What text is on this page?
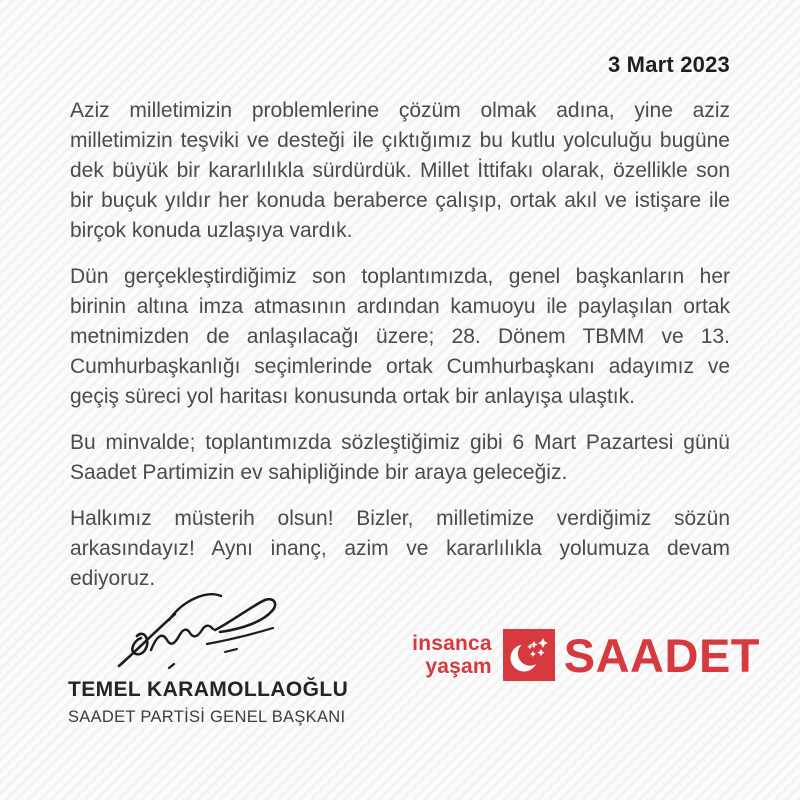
3 Mart 2023

Aziz milletimizin problemlerine çözüm olmak adına, yine aziz milletimizin teşviki ve desteği ile çıktığımız bu kutlu yolculuğu bugüne dek büyük bir kararlılıkla sürdürdük. Millet İttifakı olarak, özellikle son bir buçuk yıldır her konuda beraberce çalışıp, ortak akıl ve istişare ile birçok konuda uzlaşıya vardık.

Dün gerçekleştirdiğimiz son toplantımızda, genel başkanların her birinin altına imza atmasının ardından kamuoyu ile paylaşılan ortak metnimizden de anlaşılacağı üzere; 28. Dönem TBMM ve 13. Cumhurbaşkanlığı seçimlerinde ortak Cumhurbaşkanı adayımız ve geçiş süreci yol haritası konusunda ortak bir anlayışa ulaştık.

Bu minvalde; toplantımızda sözleştiğimiz gibi 6 Mart Pazartesi günü Saadet Partimizin ev sahipliğinde bir araya geleceğiz.

Halkımız müsterih olsun! Bizler, milletimize verdiğimiz sözün arkasındayız! Aynı inanç, azim ve kararlılıkla yolumuza devam ediyoruz.

TEMEL KARAMOLLAOĞLU
SAADET PARTİSİ GENEL BAŞKANI
insanca
yaşam SAADET
